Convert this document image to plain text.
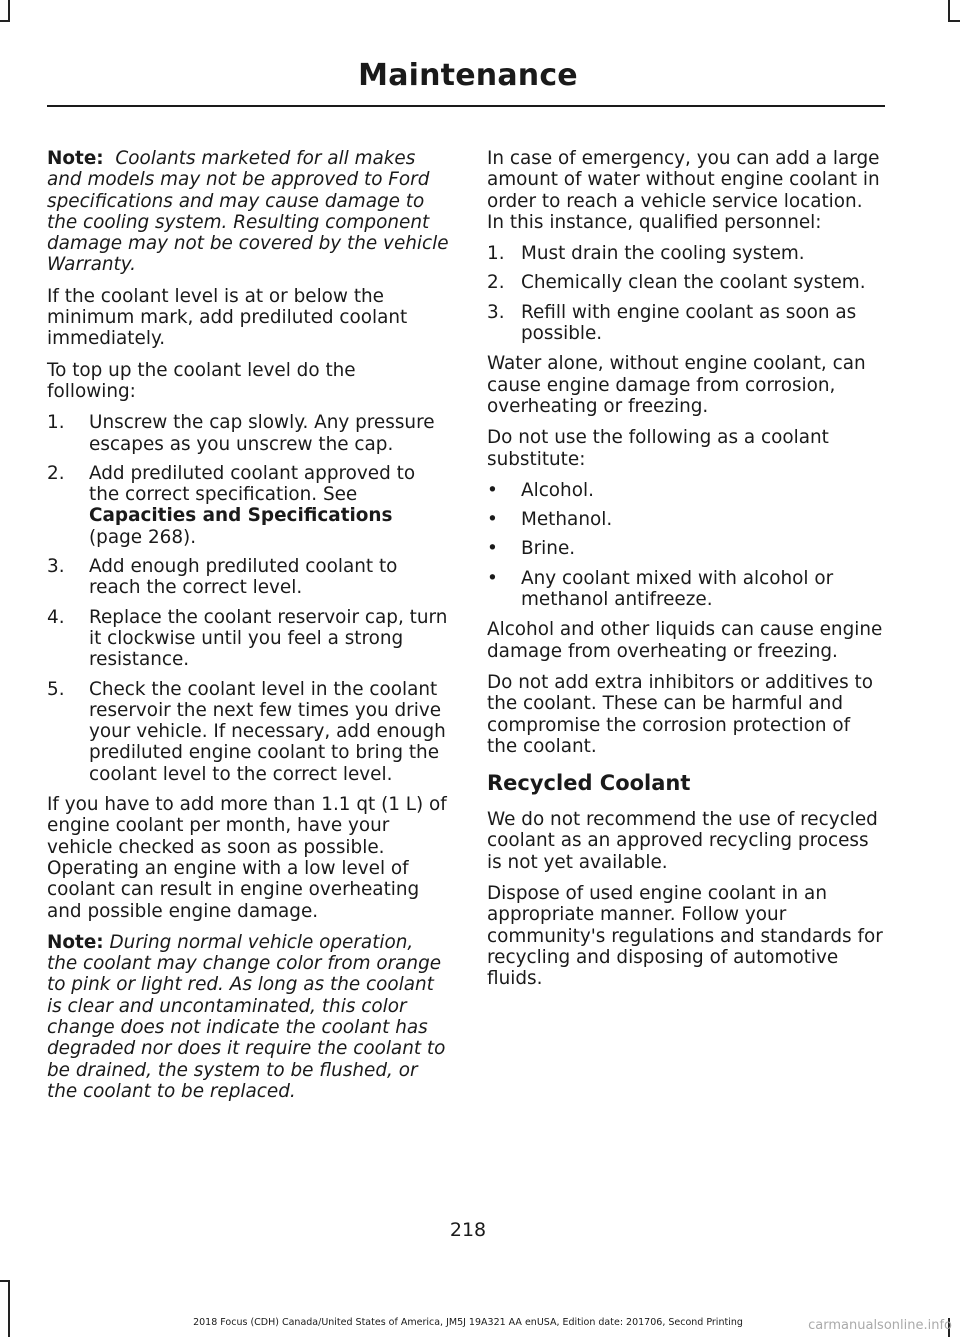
Maintenance

Note: Coolants marketed for all makes and models may not be approved to Ford specifications and may cause damage to the cooling system. Resulting component damage may not be covered by the vehicle Warranty.

If the coolant level is at or below the minimum mark, add prediluted coolant immediately.

To top up the coolant level do the following:

1. Unscrew the cap slowly. Any pressure escapes as you unscrew the cap.
2. Add prediluted coolant approved to the correct specification. See
Capacities and Specifications (page 268).
3. Add enough prediluted coolant to reach the correct level.
4. Replace the coolant reservoir cap, turn it clockwise until you feel a strong resistance.
5. Check the coolant level in the coolant reservoir the next few times you drive your vehicle. If necessary, add enough prediluted engine coolant to bring the coolant level to the correct level.

If you have to add more than 1.1 qt (1 L) of engine coolant per month, have your vehicle checked as soon as possible. Operating an engine with a low level of coolant can result in engine overheating and possible engine damage.

Note: During normal vehicle operation, the coolant may change color from orange to pink or light red. As long as the coolant is clear and uncontaminated, this color change does not indicate the coolant has degraded nor does it require the coolant to be drained, the system to be flushed, or the coolant to be replaced.

In case of emergency, you can add a large amount of water without engine coolant in order to reach a vehicle service location. In this instance, qualified personnel:

1. Must drain the cooling system.
2. Chemically clean the coolant system.
3. Refill with engine coolant as soon as possible.

Water alone, without engine coolant, can cause engine damage from corrosion, overheating or freezing.

Do not use the following as a coolant substitute:

• Alcohol.
• Methanol.
• Brine.
• Any coolant mixed with alcohol or methanol antifreeze.

Alcohol and other liquids can cause engine damage from overheating or freezing.

Do not add extra inhibitors or additives to the coolant. These can be harmful and compromise the corrosion protection of the coolant.

Recycled Coolant

We do not recommend the use of recycled coolant as an approved recycling process is not yet available.

Dispose of used engine coolant in an appropriate manner. Follow your community's regulations and standards for recycling and disposing of automotive fluids.

218
2018 Focus (CDH) Canada/United States of America, JM5J 19A321 AA enUSA, Edition date: 201706, Second Printing	carmanualsonline.info
